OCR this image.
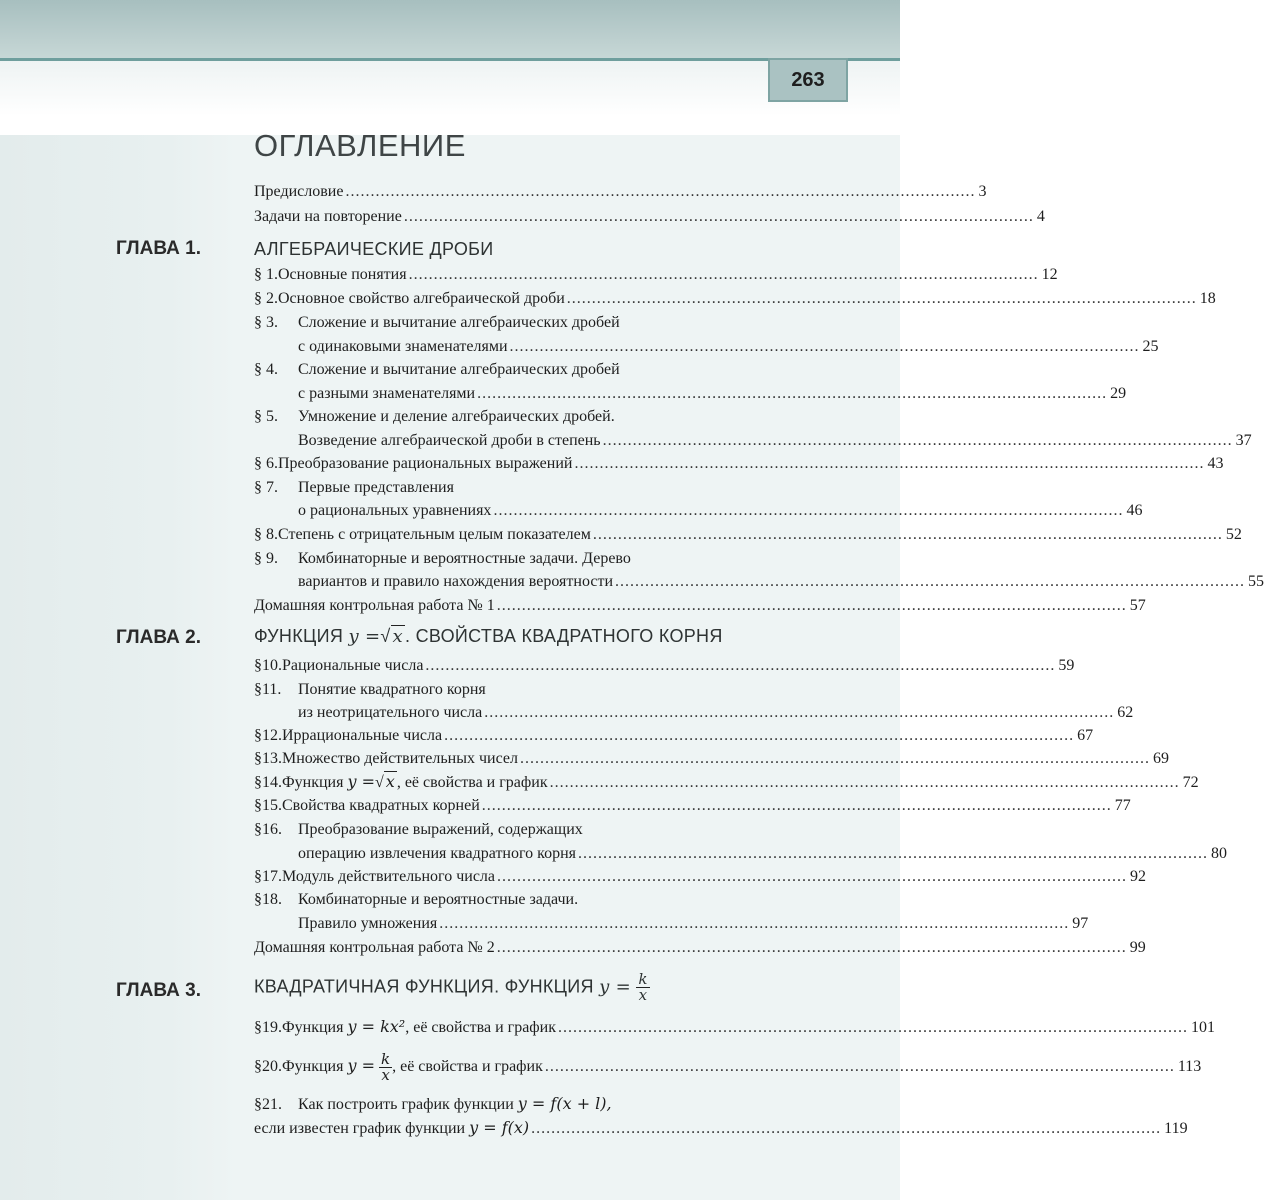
263
ОГЛАВЛЕНИЕ
Предисловие .............................................................................................................................. 3
Задачи на повторение .............................................................................................................................. 4
ГЛАВА 1.	АЛГЕБРАИЧЕСКИЕ ДРОБИ
§ 1. Основные понятия .............................................................................................................................. 12
§ 2. Основное свойство алгебраической дроби .............................................................................................................................. 18
§ 3.	Сложение и вычитание алгебраических дробей
с одинаковыми знаменателями .............................................................................................................................. 25
§ 4.	Сложение и вычитание алгебраических дробей
с разными знаменателями .............................................................................................................................. 29
§ 5.	Умножение и деление алгебраических дробей.
Возведение алгебраической дроби в степень .............................................................................................................................. 37
§ 6. Преобразование рациональных выражений .............................................................................................................................. 43
§ 7.	Первые представления
о рациональных уравнениях .............................................................................................................................. 46
§ 8. Степень с отрицательным целым показателем .............................................................................................................................. 52
§ 9.	Комбинаторные и вероятностные задачи. Дерево
вариантов и правило нахождения вероятности .............................................................................................................................. 55
Домашняя контрольная работа № 1 .............................................................................................................................. 57
ГЛАВА 2.	ФУНКЦИЯ y =√ x . СВОЙСТВА КВАДРАТНОГО КОРНЯ
§10. Рациональные числа .............................................................................................................................. 59
§11.	Понятие квадратного корня
из неотрицательного числа .............................................................................................................................. 62
§12. Иррациональные числа .............................................................................................................................. 67
§13. Множество действительных чисел .............................................................................................................................. 69
§14. Функция y =√ x , её свойства и график .............................................................................................................................. 72
§15. Свойства квадратных корней .............................................................................................................................. 77
§16.	Преобразование выражений, содержащих
операцию извлечения квадратного корня .............................................................................................................................. 80
§17. Модуль действительного числа .............................................................................................................................. 92
§18.	Комбинаторные и вероятностные задачи.
Правило умножения .............................................................................................................................. 97
Домашняя контрольная работа № 2 .............................................................................................................................. 99
ГЛАВА 3.	КВАДРАТИЧНАЯ ФУНКЦИЯ. ФУНКЦИЯ $y = \frac{k}{x}$
§19. Функция y = kx², её свойства и график .............................................................................................................................. 101
§20. Функция $y = \frac{k}{x}$ , её свойства и график .............................................................................................................................. 113
§21.	Как построить график функции y = f(x + l),
если известен график функции y = f(x) .............................................................................................................................. 119
